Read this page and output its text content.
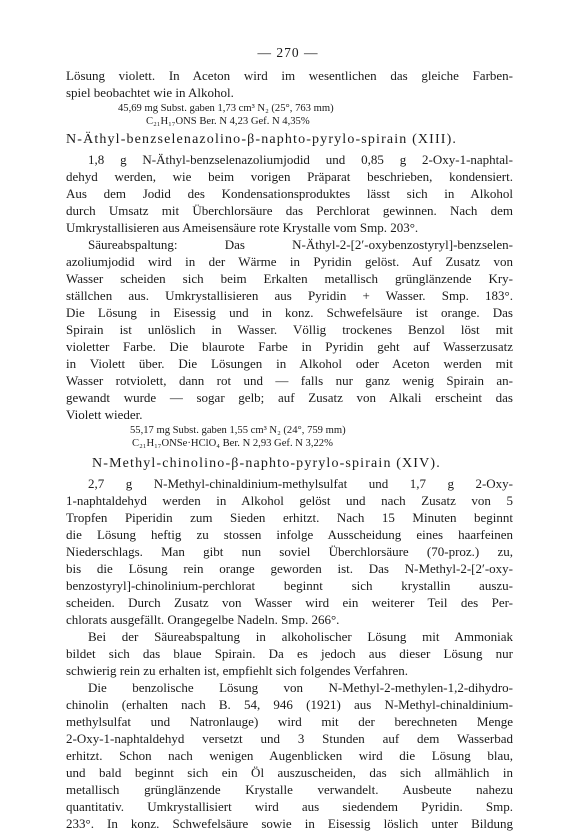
— 270 —
Lösung violett. In Aceton wird im wesentlichen das gleiche Farben-
spiel beobachtet wie in Alkohol.
45,69 mg Subst. gaben 1,73 cm³ N₂ (25°, 763 mm)
C₂₁H₁₇ONS Ber. N 4,23 Gef. N 4,35%
N-Äthyl-benzselenazolino-β-naphto-pyrylo-spirain (XIII).
1,8 g N-Äthyl-benzselenazoliumjodid und 0,85 g 2-Oxy-1-naphtal-
dehyd werden, wie beim vorigen Präparat beschrieben, kondensiert.
Aus dem Jodid des Kondensationsproduktes lässt sich in Alkohol
durch Umsatz mit Überchlorsäure das Perchlorat gewinnen. Nach dem
Umkrystallisieren aus Ameisensäure rote Krystalle vom Smp. 203°.
Säureabspaltung: Das N-Äthyl-2-[2′-oxybenzostyryl]-benzselen-
azoliumjodid wird in der Wärme in Pyridin gelöst. Auf Zusatz von
Wasser scheiden sich beim Erkalten metallisch grünglänzende Kry-
ställchen aus. Umkrystallisieren aus Pyridin + Wasser. Smp. 183°.
Die Lösung in Eisessig und in konz. Schwefelsäure ist orange. Das
Spirain ist unlöslich in Wasser. Völlig trockenes Benzol löst mit
violetter Farbe. Die blaurote Farbe in Pyridin geht auf Wasserzusatz
in Violett über. Die Lösungen in Alkohol oder Aceton werden mit
Wasser rotviolett, dann rot und — falls nur ganz wenig Spirain an-
gewandt wurde — sogar gelb; auf Zusatz von Alkali erscheint das
Violett wieder.
55,17 mg Subst. gaben 1,55 cm³ N₂ (24°, 759 mm)
C₂₁H₁₇ONSe·HClO₄ Ber. N 2,93 Gef. N 3,22%
N-Methyl-chinolino-β-naphto-pyrylo-spirain (XIV).
2,7 g N-Methyl-chinaldinium-methylsulfat und 1,7 g 2-Oxy-
1-naphtaldehyd werden in Alkohol gelöst und nach Zusatz von 5
Tropfen Piperidin zum Sieden erhitzt. Nach 15 Minuten beginnt
die Lösung heftig zu stossen infolge Ausscheidung eines haarfeinen
Niederschlags. Man gibt nun soviel Überchlorsäure (70-proz.) zu,
bis die Lösung rein orange geworden ist. Das N-Methyl-2-[2′-oxy-
benzostyryl]-chinolinium-perchlorat beginnt sich krystallin auszu-
scheiden. Durch Zusatz von Wasser wird ein weiterer Teil des Per-
chlorats ausgefällt. Orangegelbe Nadeln. Smp. 266°.
Bei der Säureabspaltung in alkoholischer Lösung mit Ammoniak
bildet sich das blaue Spirain. Da es jedoch aus dieser Lösung nur
schwierig rein zu erhalten ist, empfiehlt sich folgendes Verfahren.
Die benzolische Lösung von N-Methyl-2-methylen-1,2-dihydro-
chinolin (erhalten nach B. 54, 946 (1921) aus N-Methyl-chinaldinium-
methylsulfat und Natronlauge) wird mit der berechneten Menge
2-Oxy-1-naphtaldehyd versetzt und 3 Stunden auf dem Wasserbad
erhitzt. Schon nach wenigen Augenblicken wird die Lösung blau,
und bald beginnt sich ein Öl auszuscheiden, das sich allmählich in
metallisch grünglänzende Krystalle verwandelt. Ausbeute nahezu
quantitativ. Umkrystallisiert wird aus siedendem Pyridin. Smp.
233°. In konz. Schwefelsäure sowie in Eisessig löslich unter Bildung
